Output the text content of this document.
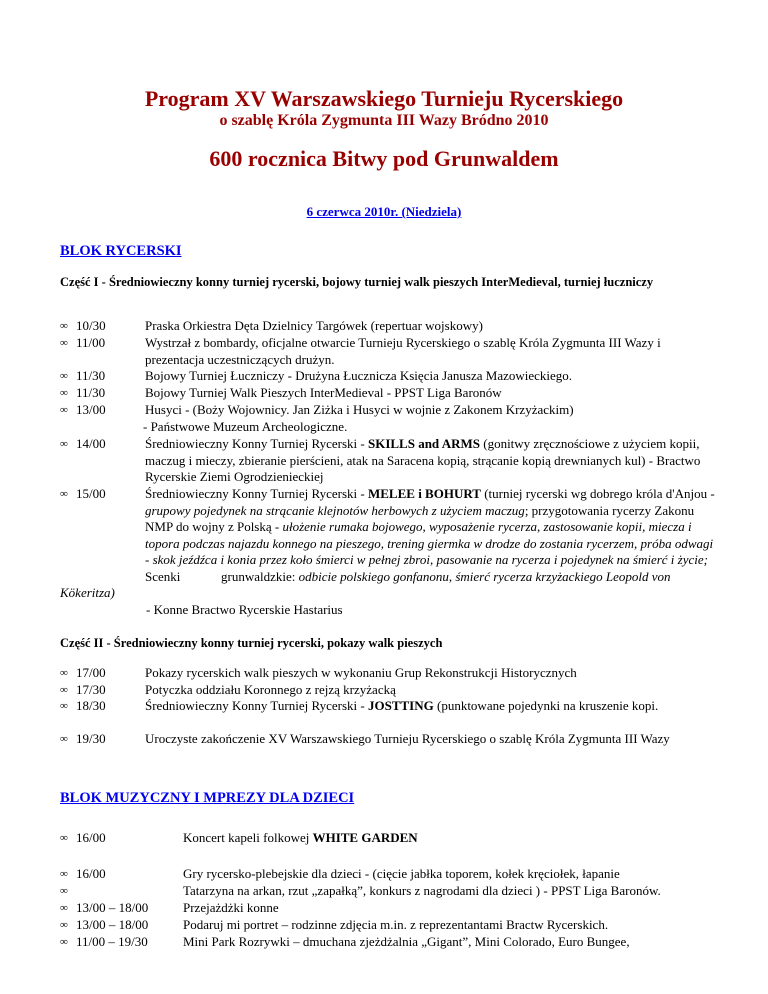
Program XV Warszawskiego Turnieju Rycerskiego
o szablę Króla Zygmunta III Wazy Bródno 2010
600 rocznica Bitwy pod Grunwaldem
6 czerwca 2010r. (Niedziela)
BLOK RYCERSKI
Część I - Średniowieczny konny turniej rycerski, bojowy turniej walk pieszych InterMedieval, turniej łuczniczy
∞ 10/30	Praska Orkiestra Dęta Dzielnicy Targówek (repertuar wojskowy)
∞ 11/00	Wystrzał z bombardy, oficjalne otwarcie Turnieju Rycerskiego o szablę Króla Zygmunta III Wazy i prezentacja uczestniczących drużyn.
∞ 11/30	Bojowy Turniej Łuczniczy - Drużyna Łucznicza Księcia Janusza Mazowieckiego.
∞ 11/30	Bojowy Turniej Walk Pieszych InterMedieval - PPST Liga Baronów
∞ 13/00	Husyci - (Boży Wojownicy. Jan Ziżka i Husyci w wojnie z Zakonem Krzyżackim)
- Państwowe Muzeum Archeologiczne.
∞ 14/00	Średniowieczny Konny Turniej Rycerski - SKILLS and ARMS (gonitwy zręcznościowe z użyciem kopii, maczug i mieczy, zbieranie pierścieni, atak na Saracena kopią, strącanie kopią drewnianych kul) - Bractwo Rycerskie Ziemi Ogrodzienieckiej
∞ 15/00	Średniowieczny Konny Turniej Rycerski - MELEE i BOHURT (turniej rycerski wg dobrego króla d'Anjou - grupowy pojedynek na strącanie klejnotów herbowych z użyciem maczug; przygotowania rycerzy Zakonu NMP do wojny z Polską - ułożenie rumaka bojowego, wyposażenie rycerza, zastosowanie kopii, miecza i topora podczas najazdu konnego na pieszego, trening giermka w drodze do zostania rycerzem, próba odwagi - skok jeźdźca i konia przez koło śmierci w pełnej zbroi, pasowanie na rycerza i pojedynek na śmierć i życie; Scenki	grunwaldzkie: odbicie polskiego gonfanonu, śmierć rycerza krzyżackiego Leopold von
Kökeritza)
- Konne Bractwo Rycerskie Hastarius
Część II - Średniowieczny konny turniej rycerski, pokazy walk pieszych
∞ 17/00	Pokazy rycerskich walk pieszych w wykonaniu Grup Rekonstrukcji Historycznych
∞ 17/30	Potyczka oddziału Koronnego z rejzą krzyżacką
∞ 18/30	Średniowieczny Konny Turniej Rycerski - JOSTTING (punktowane pojedynki na kruszenie kopi.
∞ 19/30	Uroczyste zakończenie XV Warszawskiego Turnieju Rycerskiego o szablę Króla Zygmunta III Wazy
BLOK MUZYCZNY I MPREZY DLA DZIECI
∞ 16/00	Koncert kapeli folkowej WHITE GARDEN
∞ 16/00	Gry rycersko-plebejskie dla dzieci - (cięcie jabłka toporem, kołek kręciołek, łapanie
∞	Tatarzyna na arkan, rzut „zapałką”, konkurs z nagrodami dla dzieci ) - PPST Liga Baronów.
∞ 13/00 – 18/00	Przejażdżki konne
∞ 13/00 – 18/00	Podaruj mi portret – rodzinne zdjęcia m.in. z reprezentantami Bractw Rycerskich.
∞ 11/00 – 19/30	Mini Park Rozrywki – dmuchana zjeżdżalnia „Gigant”, Mini Colorado, Euro Bungee,
